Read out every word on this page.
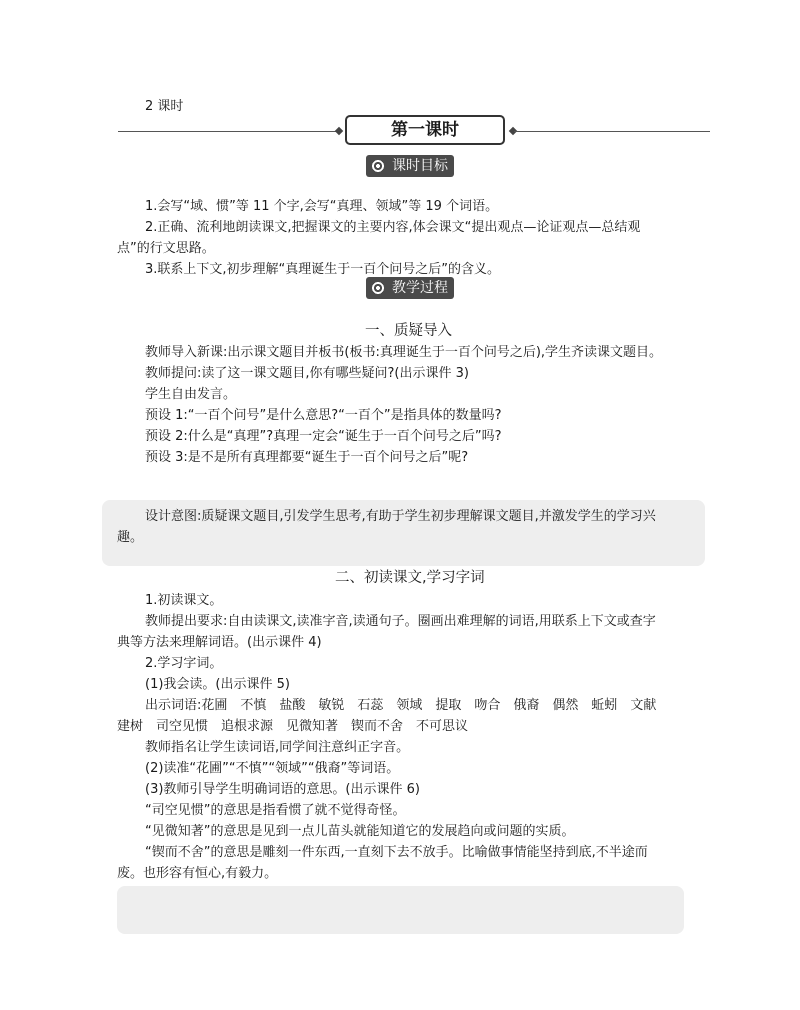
2 课时
第一课时
课时目标
1.会写“域、惯”等 11 个字,会写“真理、领域”等 19 个词语。
2.正确、流利地朗读课文,把握课文的主要内容,体会课文“提出观点—论证观点—总结观
点”的行文思路。
3.联系上下文,初步理解“真理诞生于一百个问号之后”的含义。
教学过程
一、质疑导入
教师导入新课:出示课文题目并板书(板书:真理诞生于一百个问号之后),学生齐读课文题目。
教师提问:读了这一课文题目,你有哪些疑问?(出示课件 3)
学生自由发言。
预设 1:“一百个问号”是什么意思?“一百个”是指具体的数量吗?
预设 2:什么是“真理”?真理一定会“诞生于一百个问号之后”吗?
预设 3:是不是所有真理都要“诞生于一百个问号之后”呢?
设计意图:质疑课文题目,引发学生思考,有助于学生初步理解课文题目,并激发学生的学习兴
趣。
二、初读课文,学习字词
1.初读课文。
教师提出要求:自由读课文,读准字音,读通句子。圈画出难理解的词语,用联系上下文或查字
典等方法来理解词语。(出示课件 4)
2.学习字词。
(1)我会读。(出示课件 5)
出示词语:花圃　不慎　盐酸　敏锐　石蕊　领域　提取　吻合　俄裔　偶然　蚯蚓　文献
建树　司空见惯　追根求源　见微知著　锲而不舍　不可思议
教师指名让学生读词语,同学间注意纠正字音。
(2)读准“花圃”“不慎”“领域”“俄裔”等词语。
(3)教师引导学生明确词语的意思。(出示课件 6)
“司空见惯”的意思是指看惯了就不觉得奇怪。
“见微知著”的意思是见到一点儿苗头就能知道它的发展趋向或问题的实质。
“锲而不舍”的意思是雕刻一件东西,一直刻下去不放手。比喻做事情能坚持到底,不半途而
废。也形容有恒心,有毅力。
